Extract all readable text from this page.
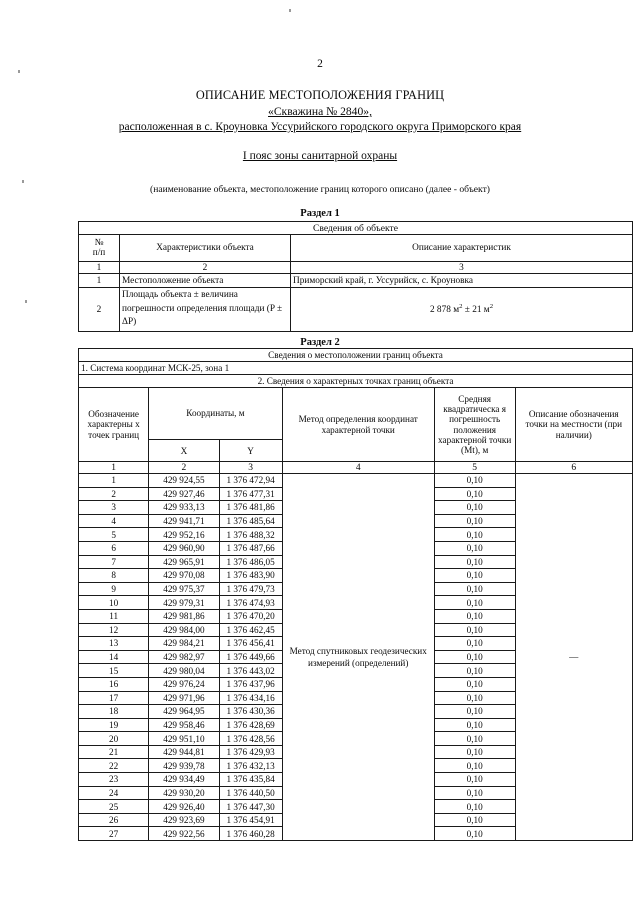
2
ОПИСАНИЕ МЕСТОПОЛОЖЕНИЯ ГРАНИЦ
«Скважина № 2840»,
расположенная в с. Кроуновка Уссурийского городского округа Приморского края
I пояс зоны санитарной охраны
(наименование объекта, местоположение границ которого описано (далее - объект)
Раздел 1
Сведения об объекте		
№
п/п	Характеристики объекта	Описание характеристик
1	2	3
1	Местоположение объекта	Приморский край, г. Уссурийск, с. Кроуновка
2	Площадь объекта ± величина погрешности определения площади (P ± ΔP)	2 878 $м^2 \pm 21$ $м^2$
Раздел 2
Сведения о местоположении границ объекта					
1. Система координат МСК-25, зона 1					
2. Сведения о характерных точках границ объекта					
Обозначение характерны х точек границ	Координаты, м		Метод определения координат характерной точки	Средняя квадратическа я погрешность положения характерной точки (Mt), м	Описание обозначения точки на местности (при наличии)
	X	Y			
1	2	3	4	5	6
1	429 924,55	1 376 472,94	Метод спутниковых геодезических измерений (определений)	0,10	—
2	429 927,46	1 376 477,31		0,10	
3	429 933,13	1 376 481,86		0,10	
4	429 941,71	1 376 485,64		0,10	
5	429 952,16	1 376 488,32		0,10	
6	429 960,90	1 376 487,66		0,10	
7	429 965,91	1 376 486,05		0,10	
8	429 970,08	1 376 483,90		0,10	
9	429 975,37	1 376 479,73		0,10	
10	429 979,31	1 376 474,93		0,10	
11	429 981,86	1 376 470,20		0,10	
12	429 984,00	1 376 462,45		0,10	
13	429 984,21	1 376 456,41		0,10	
14	429 982,97	1 376 449,66		0,10	
15	429 980,04	1 376 443,02		0,10	
16	429 976,24	1 376 437,96		0,10	
17	429 971,96	1 376 434,16		0,10	
18	429 964,95	1 376 430,36		0,10	
19	429 958,46	1 376 428,69		0,10	
20	429 951,10	1 376 428,56		0,10	
21	429 944,81	1 376 429,93		0,10	
22	429 939,78	1 376 432,13		0,10	
23	429 934,49	1 376 435,84		0,10	
24	429 930,20	1 376 440,50		0,10	
25	429 926,40	1 376 447,30		0,10	
26	429 923,69	1 376 454,91		0,10	
27	429 922,56	1 376 460,28		0,10	
